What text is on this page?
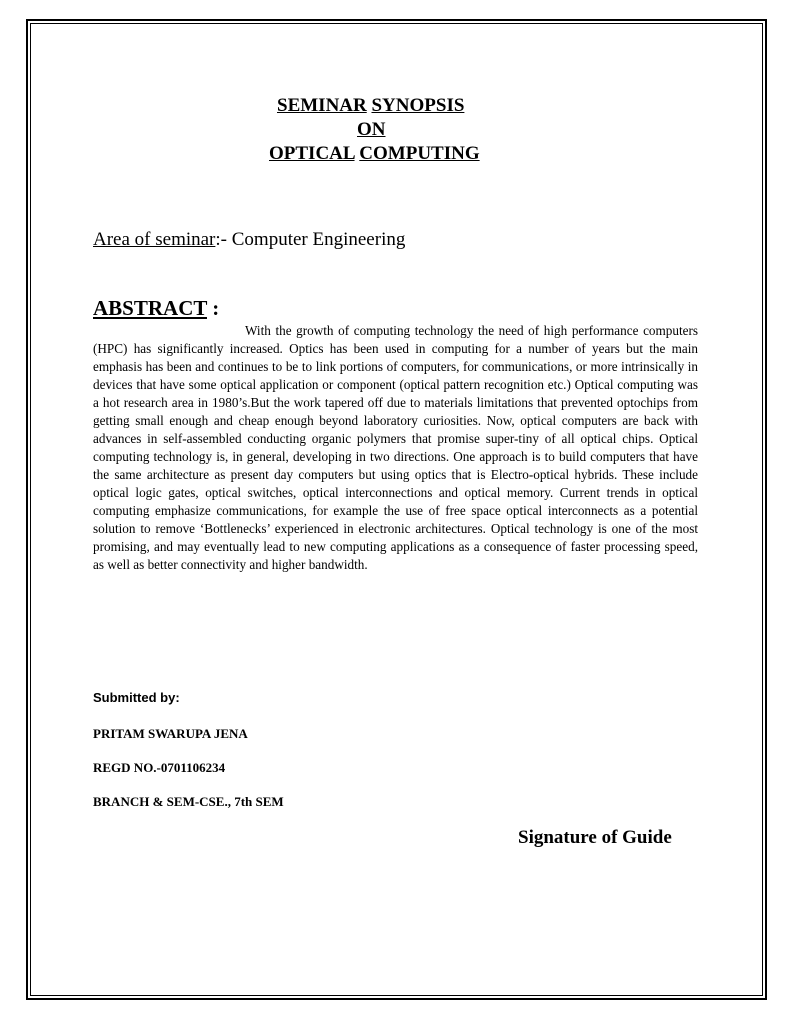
SEMINAR SYNOPSIS
ON
OPTICAL COMPUTING
Area of seminar:- Computer Engineering
ABSTRACT :
With the growth of computing technology the need of high performance computers (HPC) has significantly increased. Optics has been used in computing for a number of years but the main emphasis has been and continues to be to link portions of computers, for communications, or more intrinsically in devices that have some optical application or component (optical pattern recognition etc.) Optical computing was a hot research area in 1980’s.But the work tapered off due to materials limitations that prevented optochips from getting small enough and cheap enough beyond laboratory curiosities. Now, optical computers are back with advances in self-assembled conducting organic polymers that promise super-tiny of all optical chips. Optical computing technology is, in general, developing in two directions. One approach is to build computers that have the same architecture as present day computers but using optics that is Electro-optical hybrids. These include optical logic gates, optical switches, optical interconnections and optical memory. Current trends in optical computing emphasize communications, for example the use of free space optical interconnects as a potential solution to remove ‘Bottlenecks’ experienced in electronic architectures. Optical technology is one of the most promising, and may eventually lead to new computing applications as a consequence of faster processing speed, as well as better connectivity and higher bandwidth.
Submitted by:
PRITAM SWARUPA JENA
REGD NO.-0701106234
BRANCH & SEM-CSE., 7th SEM
Signature of Guide
